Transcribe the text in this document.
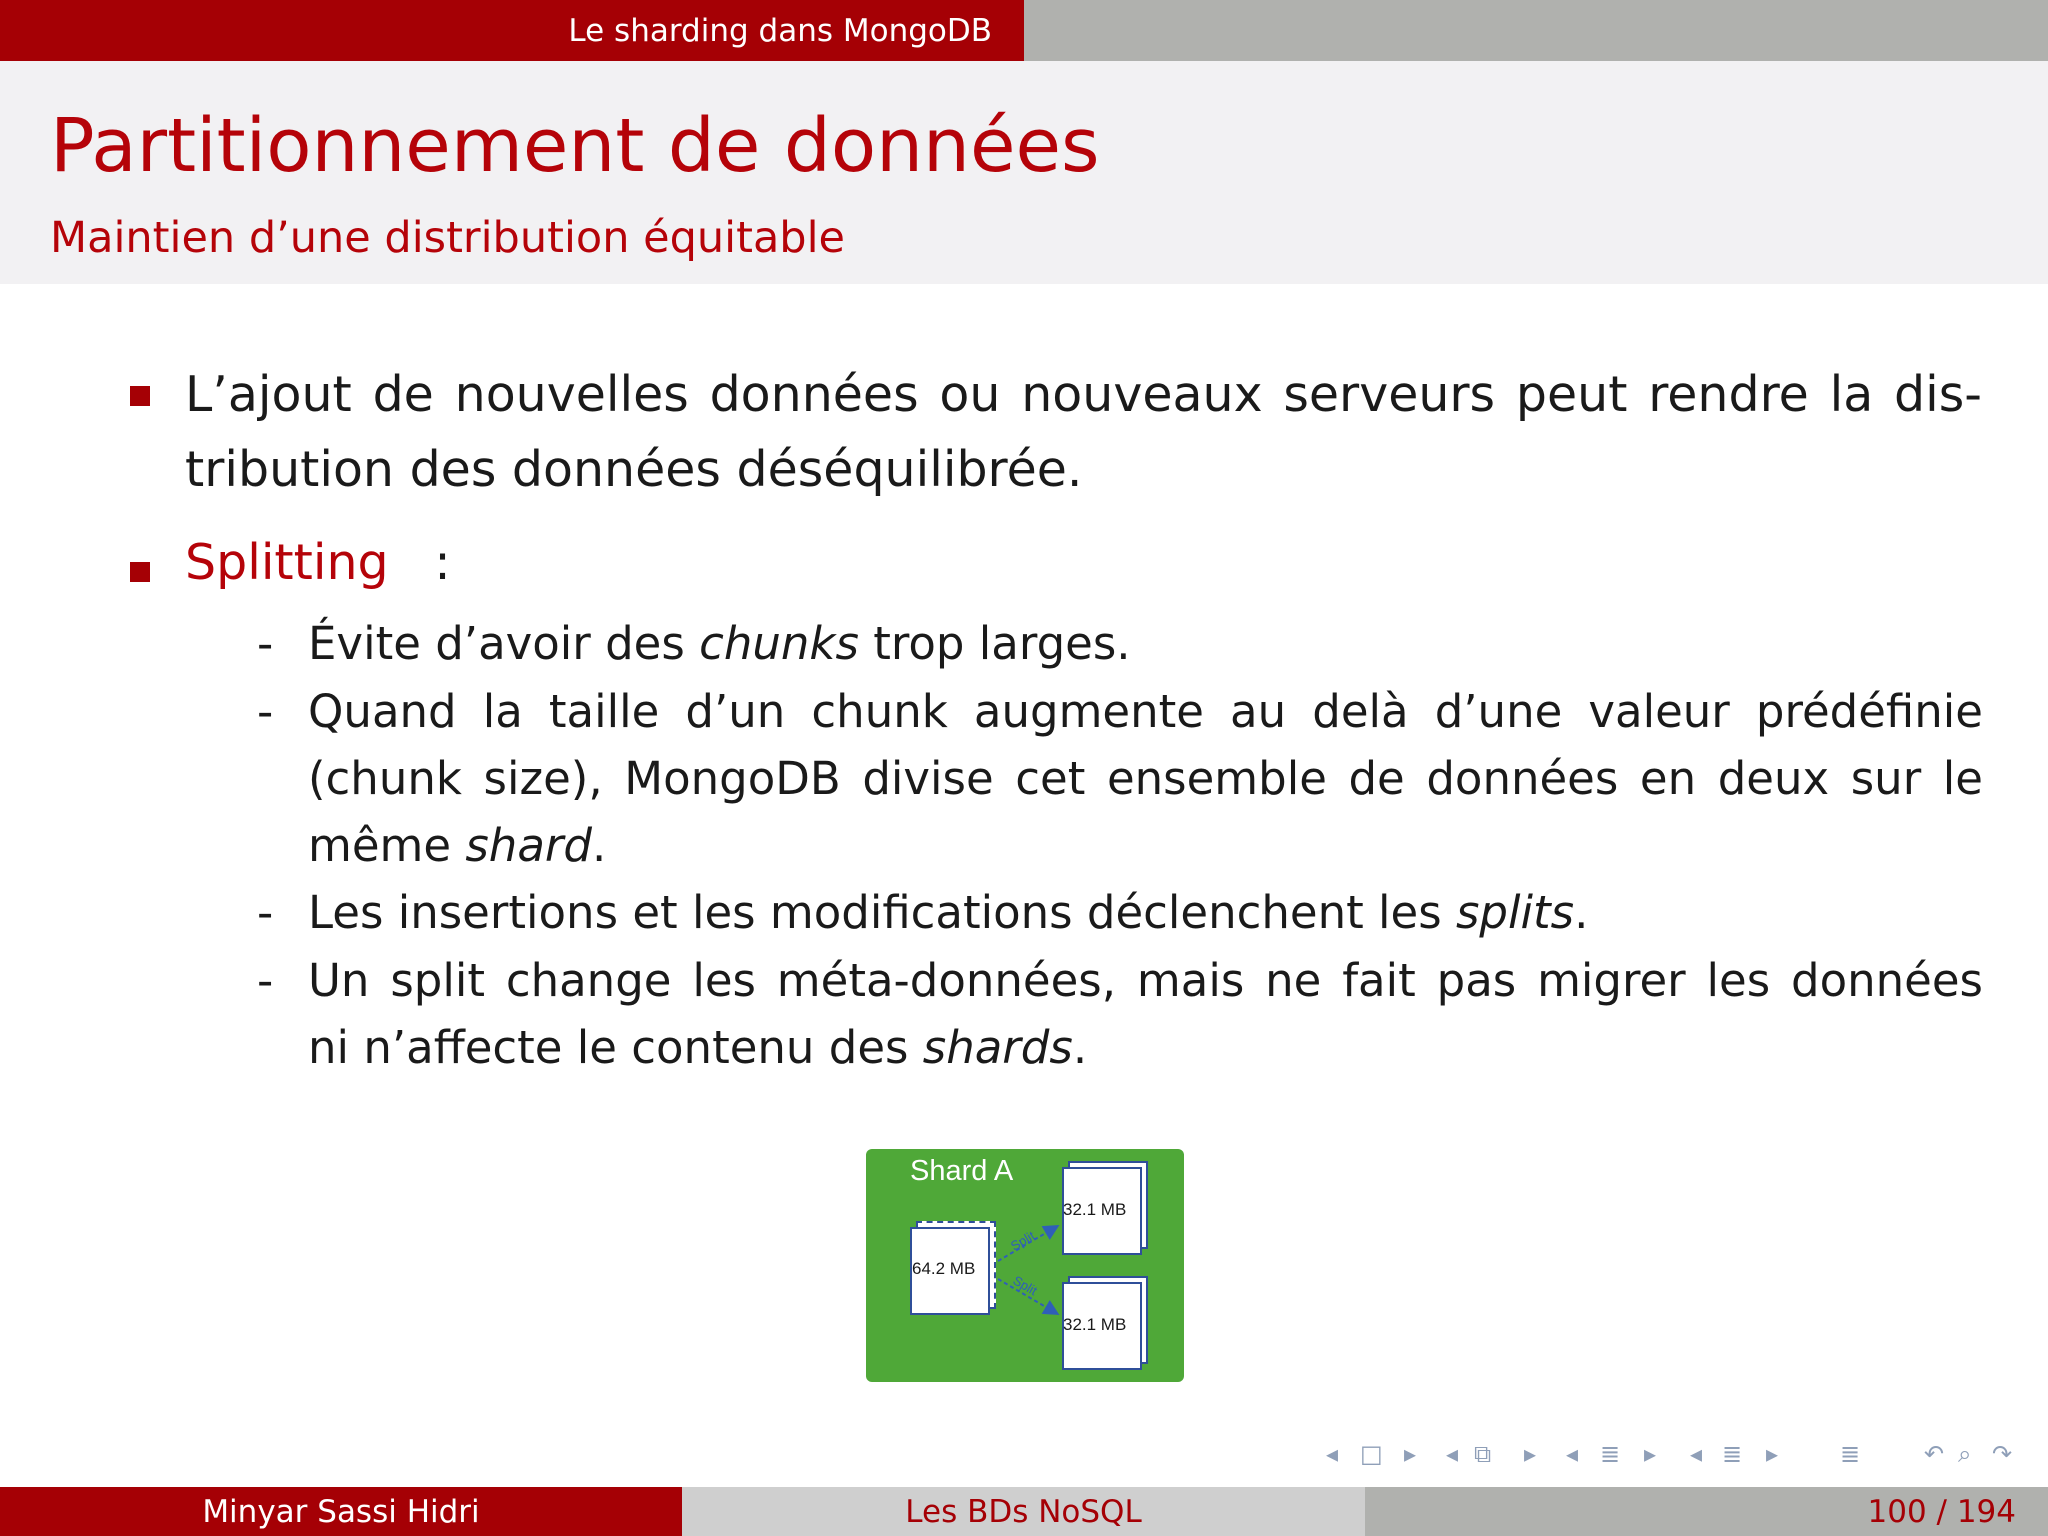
Le sharding dans MongoDB
Partitionnement de données
Maintien d’une distribution équitable
L’ajout de nouvelles données ou nouveaux serveurs peut rendre la dis-
tribution des données déséquilibrée.
Splitting :
- Évite d’avoir des chunks trop larges.
- Quand la taille d’un chunk augmente au delà d’une valeur prédéfinie
(chunk size), MongoDB divise cet ensemble de données en deux sur le
même shard.
- Les insertions et les modifications déclenchent les splits.
- Un split change les méta-données, mais ne fait pas migrer les données
ni n’affecte le contenu des shards.
Shard A
64.2 MB
32.1 MB
32.1 MB
Split
Split
◂ □ ▸ ◂ ⧉ ▸ ◂ ≣ ▸ ◂ ≣ ▸	≣	↶ ⌕ ↷
Minyar Sassi Hidri	Les BDs NoSQL	100 / 194
